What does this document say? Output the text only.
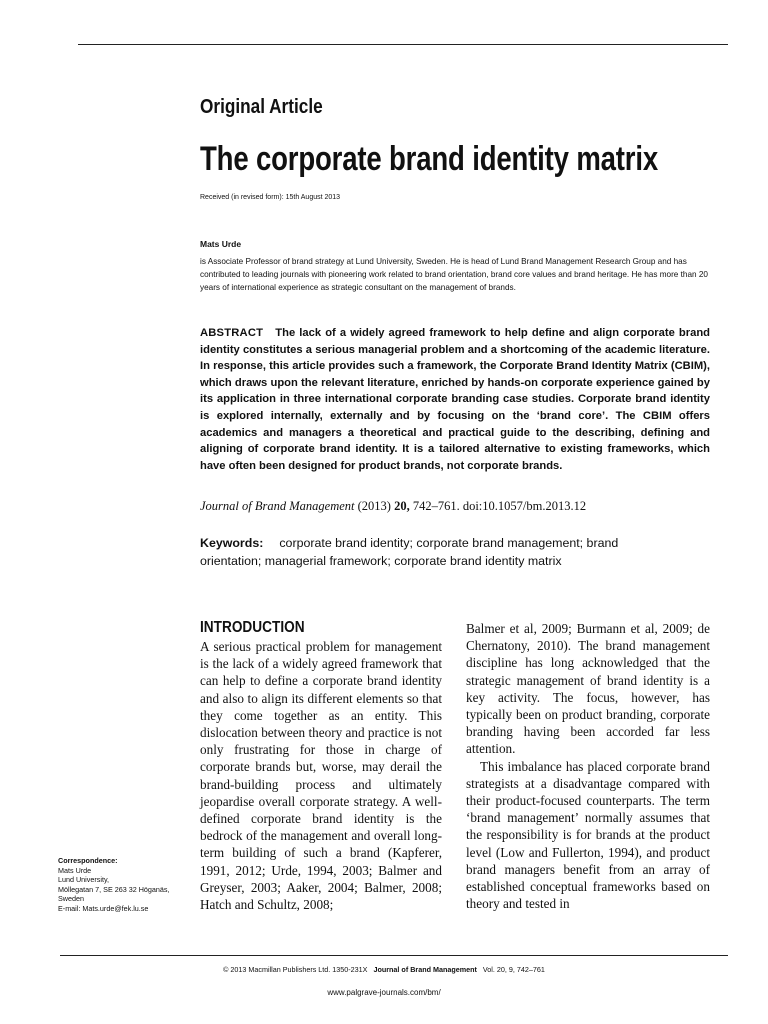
Original Article
The corporate brand identity matrix
Received (in revised form): 15th August 2013
Mats Urde
is Associate Professor of brand strategy at Lund University, Sweden. He is head of Lund Brand Management Research Group and has contributed to leading journals with pioneering work related to brand orientation, brand core values and brand heritage. He has more than 20 years of international experience as strategic consultant on the management of brands.
ABSTRACT The lack of a widely agreed framework to help define and align corporate brand identity constitutes a serious managerial problem and a shortcoming of the academic literature. In response, this article provides such a framework, the Corporate Brand Identity Matrix (CBIM), which draws upon the relevant literature, enriched by hands-on corporate experience gained by its application in three international corporate branding case studies. Corporate brand identity is explored internally, externally and by focusing on the ‘brand core’. The CBIM offers academics and managers a theoretical and practical guide to the describing, defining and aligning of corporate brand identity. It is a tailored alternative to existing frameworks, which have often been designed for product brands, not corporate brands.
Journal of Brand Management (2013) 20, 742–761. doi:10.1057/bm.2013.12
Keywords: corporate brand identity; corporate brand management; brand orientation; managerial framework; corporate brand identity matrix
INTRODUCTION

A serious practical problem for management is the lack of a widely agreed framework that can help to define a corporate brand identity and also to align its different elements so that they come together as an entity. This dislocation between theory and practice is not only frustrating for those in charge of corporate brands but, worse, may derail the brand-building process and ultimately jeopardise overall corporate strategy. A well-defined corporate brand identity is the bedrock of the management and overall long-term building of such a brand (Kapferer, 1991, 2012; Urde, 1994, 2003; Balmer and Greyser, 2003; Aaker, 2004; Balmer, 2008; Hatch and Schultz, 2008;

Balmer et al, 2009; Burmann et al, 2009; de Chernatony, 2010). The brand management discipline has long acknowledged that the strategic management of brand identity is a key activity. The focus, however, has typically been on product branding, corporate branding having been accorded far less attention.

This imbalance has placed corporate brand strategists at a disadvantage compared with their product-focused counterparts. The term ‘brand management’ normally assumes that the responsibility is for brands at the product level (Low and Fullerton, 1994), and product brand managers benefit from an array of established conceptual frameworks based on theory and tested in

Correspondence:
Mats Urde
Lund University,
Möllegatan 7, SE 263 32 Höganäs,
Sweden
E-mail: Mats.urde@fek.lu.se
© 2013 Macmillan Publishers Ltd. 1350-231X Journal of Brand Management Vol. 20, 9, 742–761
www.palgrave-journals.com/bm/
